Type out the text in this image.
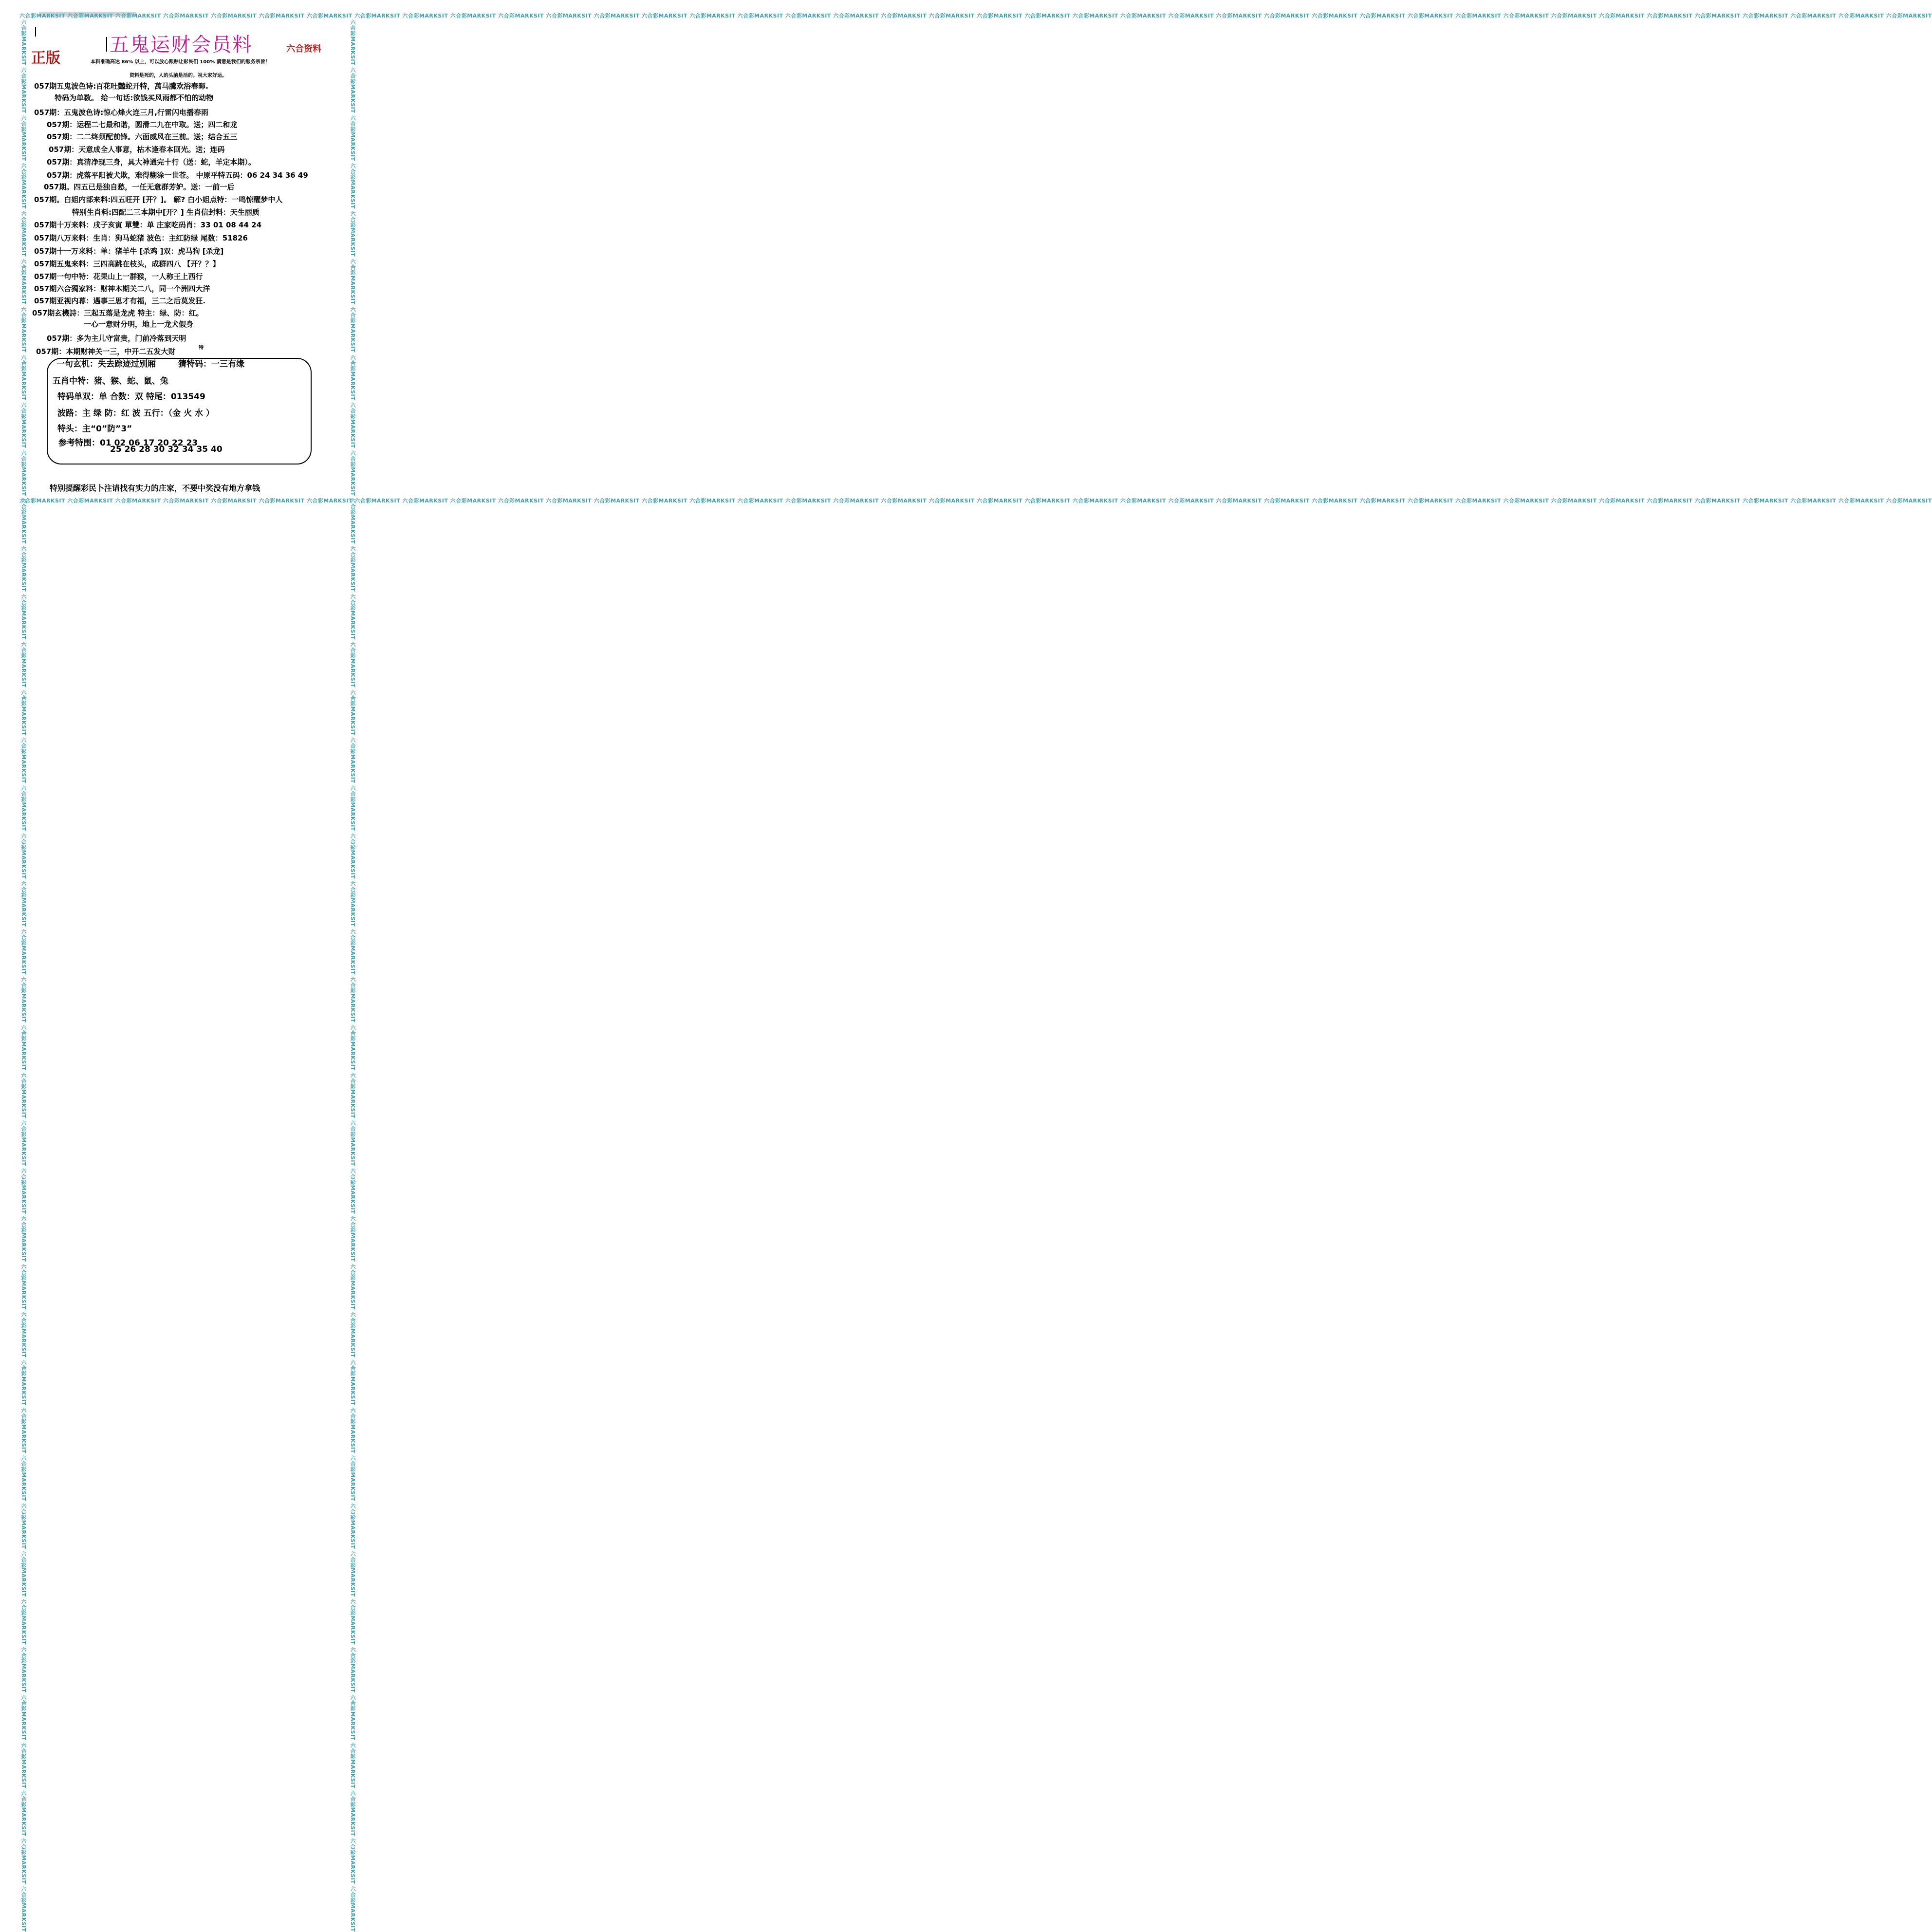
六合彩MARKSIT 六合彩MARKSIT 六合彩MARKSIT 六合彩MARKSIT 六合彩MARKSIT 六合彩MARKSIT 六合彩MARKSIT 六合彩MARKSIT 六合彩MARKSIT 六合彩MARKSIT 六合彩MARKSIT 六合彩MARKSIT 六合彩MARKSIT 六合彩MARKSIT 六合彩MARKSIT 六合彩MARKSIT 六合彩MARKSIT 六合彩MARKSIT 六合彩MARKSIT 六合彩MARKSIT 六合彩MARKSIT 六合彩MARKSIT 六合彩MARKSIT 六合彩MARKSIT 六合彩MARKSIT 六合彩MARKSIT 六合彩MARKSIT 六合彩MARKSIT 六合彩MARKSIT 六合彩MARKSIT 六合彩MARKSIT 六合彩MARKSIT 六合彩MARKSIT 六合彩MARKSIT 六合彩MARKSIT 六合彩MARKSIT 六合彩MARKSIT 六合彩MARKSIT 六合彩MARKSIT 六合彩MARKSIT
六合彩MARKSIT 六合彩MARKSIT 六合彩MARKSIT 六合彩MARKSIT 六合彩MARKSIT 六合彩MARKSIT 六合彩MARKSIT 六合彩MARKSIT 六合彩MARKSIT 六合彩MARKSIT 六合彩MARKSIT 六合彩MARKSIT 六合彩MARKSIT 六合彩MARKSIT 六合彩MARKSIT 六合彩MARKSIT 六合彩MARKSIT 六合彩MARKSIT 六合彩MARKSIT 六合彩MARKSIT 六合彩MARKSIT 六合彩MARKSIT 六合彩MARKSIT 六合彩MARKSIT 六合彩MARKSIT 六合彩MARKSIT 六合彩MARKSIT 六合彩MARKSIT 六合彩MARKSIT 六合彩MARKSIT 六合彩MARKSIT 六合彩MARKSIT 六合彩MARKSIT 六合彩MARKSIT 六合彩MARKSIT 六合彩MARKSIT 六合彩MARKSIT 六合彩MARKSIT 六合彩MARKSIT 六合彩MARKSIT
六合彩MARKSIT 六合彩MARKSIT 六合彩MARKSIT 六合彩MARKSIT 六合彩MARKSIT 六合彩MARKSIT 六合彩MARKSIT 六合彩MARKSIT 六合彩MARKSIT 六合彩MARKSIT 六合彩MARKSIT 六合彩MARKSIT 六合彩MARKSIT 六合彩MARKSIT 六合彩MARKSIT 六合彩MARKSIT 六合彩MARKSIT 六合彩MARKSIT 六合彩MARKSIT 六合彩MARKSIT 六合彩MARKSIT 六合彩MARKSIT 六合彩MARKSIT 六合彩MARKSIT 六合彩MARKSIT 六合彩MARKSIT 六合彩MARKSIT 六合彩MARKSIT 六合彩MARKSIT 六合彩MARKSIT 六合彩MARKSIT 六合彩MARKSIT 六合彩MARKSIT 六合彩MARKSIT 六合彩MARKSIT 六合彩MARKSIT 六合彩MARKSIT 六合彩MARKSIT 六合彩MARKSIT 六合彩MARKSIT	六合彩MARKSIT 六合彩MARKSIT 六合彩MARKSIT 六合彩MARKSIT 六合彩MARKSIT 六合彩MARKSIT 六合彩MARKSIT 六合彩MARKSIT 六合彩MARKSIT 六合彩MARKSIT 六合彩MARKSIT 六合彩MARKSIT 六合彩MARKSIT 六合彩MARKSIT 六合彩MARKSIT 六合彩MARKSIT 六合彩MARKSIT 六合彩MARKSIT 六合彩MARKSIT 六合彩MARKSIT 六合彩MARKSIT 六合彩MARKSIT 六合彩MARKSIT 六合彩MARKSIT 六合彩MARKSIT 六合彩MARKSIT 六合彩MARKSIT 六合彩MARKSIT 六合彩MARKSIT 六合彩MARKSIT 六合彩MARKSIT 六合彩MARKSIT 六合彩MARKSIT 六合彩MARKSIT 六合彩MARKSIT 六合彩MARKSIT 六合彩MARKSIT 六合彩MARKSIT 六合彩MARKSIT 六合彩MARKSIT
五鬼运财会员料
正版
六合资料
本料准确高达 86% 以上，可以放心跟踪让彩民们 100% 满意是我们的服务宗旨！
资料是死的，人的头脑是活的。祝大家好运。
057期五鬼波色诗:百花吐豔蛇开特，萬马騰欢浴春暉.
特码为单数。 给一句话:欲钱买风雨都不怕的动物
057期：五鬼波色诗:惊心烽火连三月,行雷闪电播春雨
057期：运程二七最和谐，圆滑二九在中取。送；四二和龙
057期：二二终须配前锋。六面威风在三前。送；结合五三
057期：天意成全人事意，枯木逢春本回光。送；连码
057期：真清净现三身，具大神通完十行（送：蛇，羊定本期）。
057期：虎落平阳被犬欺，难得糊涂一世苍。 中原平特五码：06 24 34 36 49
057期。四五已是独自愁，一任无意群芳妒。送：一前一后
057期。白姐内部来料:四五旺开 [开？]。 解? 白小姐点特：一鸣惊醒梦中人
特别生肖料:四配二三本期中[开？] 生肖信封料：天生丽质
057期十万来料：戌子亥寅 單雙：单 庄家吃码肖：33 01 08 44 24
057期八万来料：生肖：狗马蛇猪 波色：主红防绿 尾数：51826
057期十一万来料：单：猪羊牛 [杀鸡 ]双：虎马狗 [杀龙]
057期五鬼来料：三四高跳在枝头，成群四八 【开？？】
057期一句中特：花果山上一群猴，一人称王上西行
057期六合獨家料：财神本期关二八，同一个洲四大洋
057期亚视内幕：遇事三思才有福，三二之后莫发狂.
057期玄機詩：三起五落是龙虎 特主：绿、防：红。
一心一意财分明，地上一龙犬假身
057期：多为主儿守富贵，门前冷落到天明
057期：本期财神关一三，中开二五发大财	特
一句玄机：失去踪迹过别厢	猜特码：一三有缘
五肖中特：猪、猴、蛇、鼠、兔
特码单双：单 合数：双 特尾：013549
波路：主 绿 防：红 波 五行：（金 火 水 ）
特头：主“0”防”3”
参考特围：01 02 06 17 20 22 23
25 26 28 30 32 34 35 40
特别提醒彩民卜注请找有实力的庄家，不要中奖没有地方拿钱
